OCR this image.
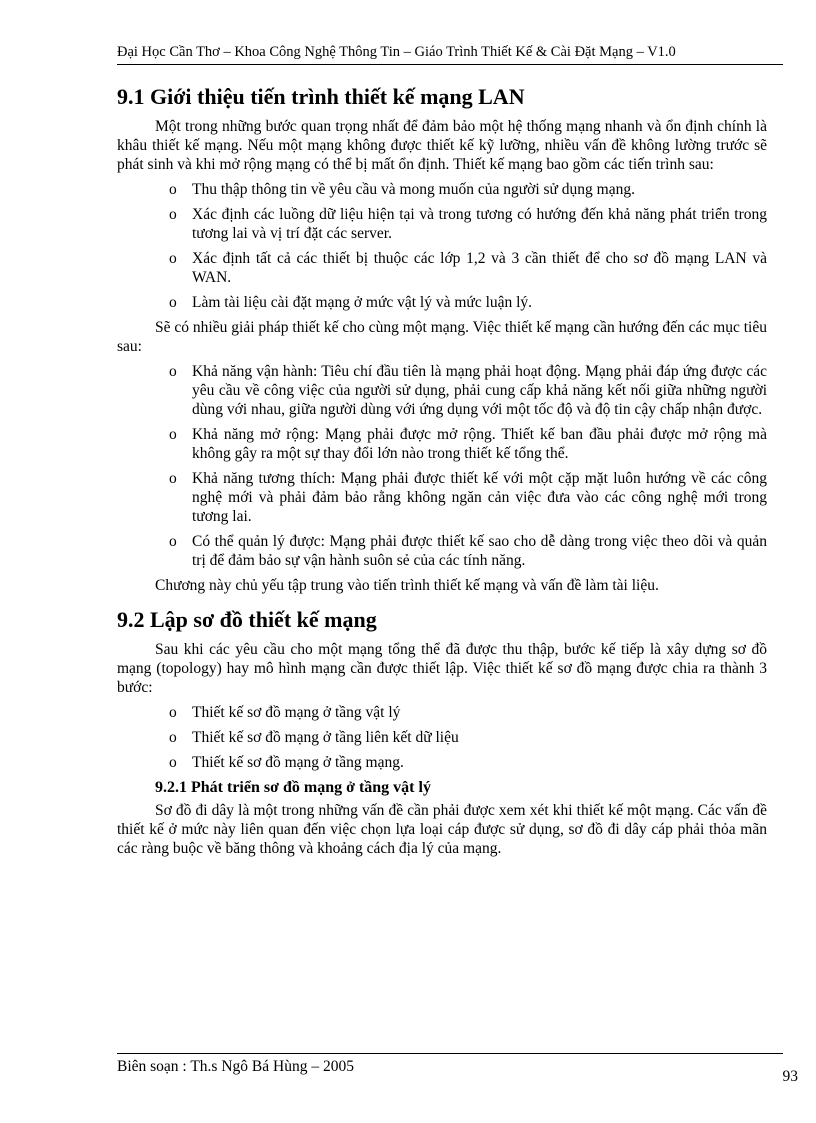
Đại Học Cần Thơ – Khoa Công Nghệ Thông Tin – Giáo Trình Thiết Kế & Cài Đặt Mạng – V1.0
9.1 Giới thiệu tiến trình thiết kế mạng LAN

Một trong những bước quan trọng nhất để đảm bảo một hệ thống mạng nhanh và ổn định chính là khâu thiết kế mạng. Nếu một mạng không được thiết kế kỹ lưỡng, nhiều vấn đề không lường trước sẽ phát sinh và khi mở rộng mạng có thể bị mất ổn định. Thiết kế mạng bao gồm các tiến trình sau:

o Thu thập thông tin về yêu cầu và mong muốn của người sử dụng mạng.
o Xác định các luồng dữ liệu hiện tại và trong tương có hướng đến khả năng phát triển trong tương lai và vị trí đặt các server.
o Xác định tất cả các thiết bị thuộc các lớp 1,2 và 3 cần thiết để cho sơ đồ mạng LAN và WAN.
o Làm tài liệu cài đặt mạng ở mức vật lý và mức luận lý.

Sẽ có nhiều giải pháp thiết kế cho cùng một mạng. Việc thiết kế mạng cần hướng đến các mục tiêu sau:

o Khả năng vận hành: Tiêu chí đầu tiên là mạng phải hoạt động. Mạng phải đáp ứng được các yêu cầu về công việc của người sử dụng, phải cung cấp khả năng kết nối giữa những người dùng với nhau, giữa người dùng với ứng dụng với một tốc độ và độ tin cậy chấp nhận được.
o Khả năng mở rộng: Mạng phải được mở rộng. Thiết kế ban đầu phải được mở rộng mà không gây ra một sự thay đổi lớn nào trong thiết kế tổng thể.
o Khả năng tương thích: Mạng phải được thiết kế với một cặp mặt luôn hướng về các công nghệ mới và phải đảm bảo rằng không ngăn cản việc đưa vào các công nghệ mới trong tương lai.
o Có thể quản lý được: Mạng phải được thiết kế sao cho dễ dàng trong việc theo dõi và quản trị để đảm bảo sự vận hành suôn sẻ của các tính năng.

Chương này chủ yếu tập trung vào tiến trình thiết kế mạng và vấn đề làm tài liệu.

9.2 Lập sơ đồ thiết kế mạng

Sau khi các yêu cầu cho một mạng tổng thể đã được thu thập, bước kế tiếp là xây dựng sơ đồ mạng (topology) hay mô hình mạng cần được thiết lập. Việc thiết kế sơ đồ mạng được chia ra thành 3 bước:

o Thiết kế sơ đồ mạng ở tầng vật lý
o Thiết kế sơ đồ mạng ở tầng liên kết dữ liệu
o Thiết kế sơ đồ mạng ở tầng mạng.
9.2.1 Phát triển sơ đồ mạng ở tầng vật lý

Sơ đồ đi dây là một trong những vấn đề cần phải được xem xét khi thiết kế một mạng. Các vấn đề thiết kế ở mức này liên quan đến việc chọn lựa loại cáp được sử dụng, sơ đồ đi dây cáp phải thỏa mãn các ràng buộc về băng thông và khoảng cách địa lý của mạng.

Biên soạn : Th.s Ngô Bá Hùng – 2005
93
